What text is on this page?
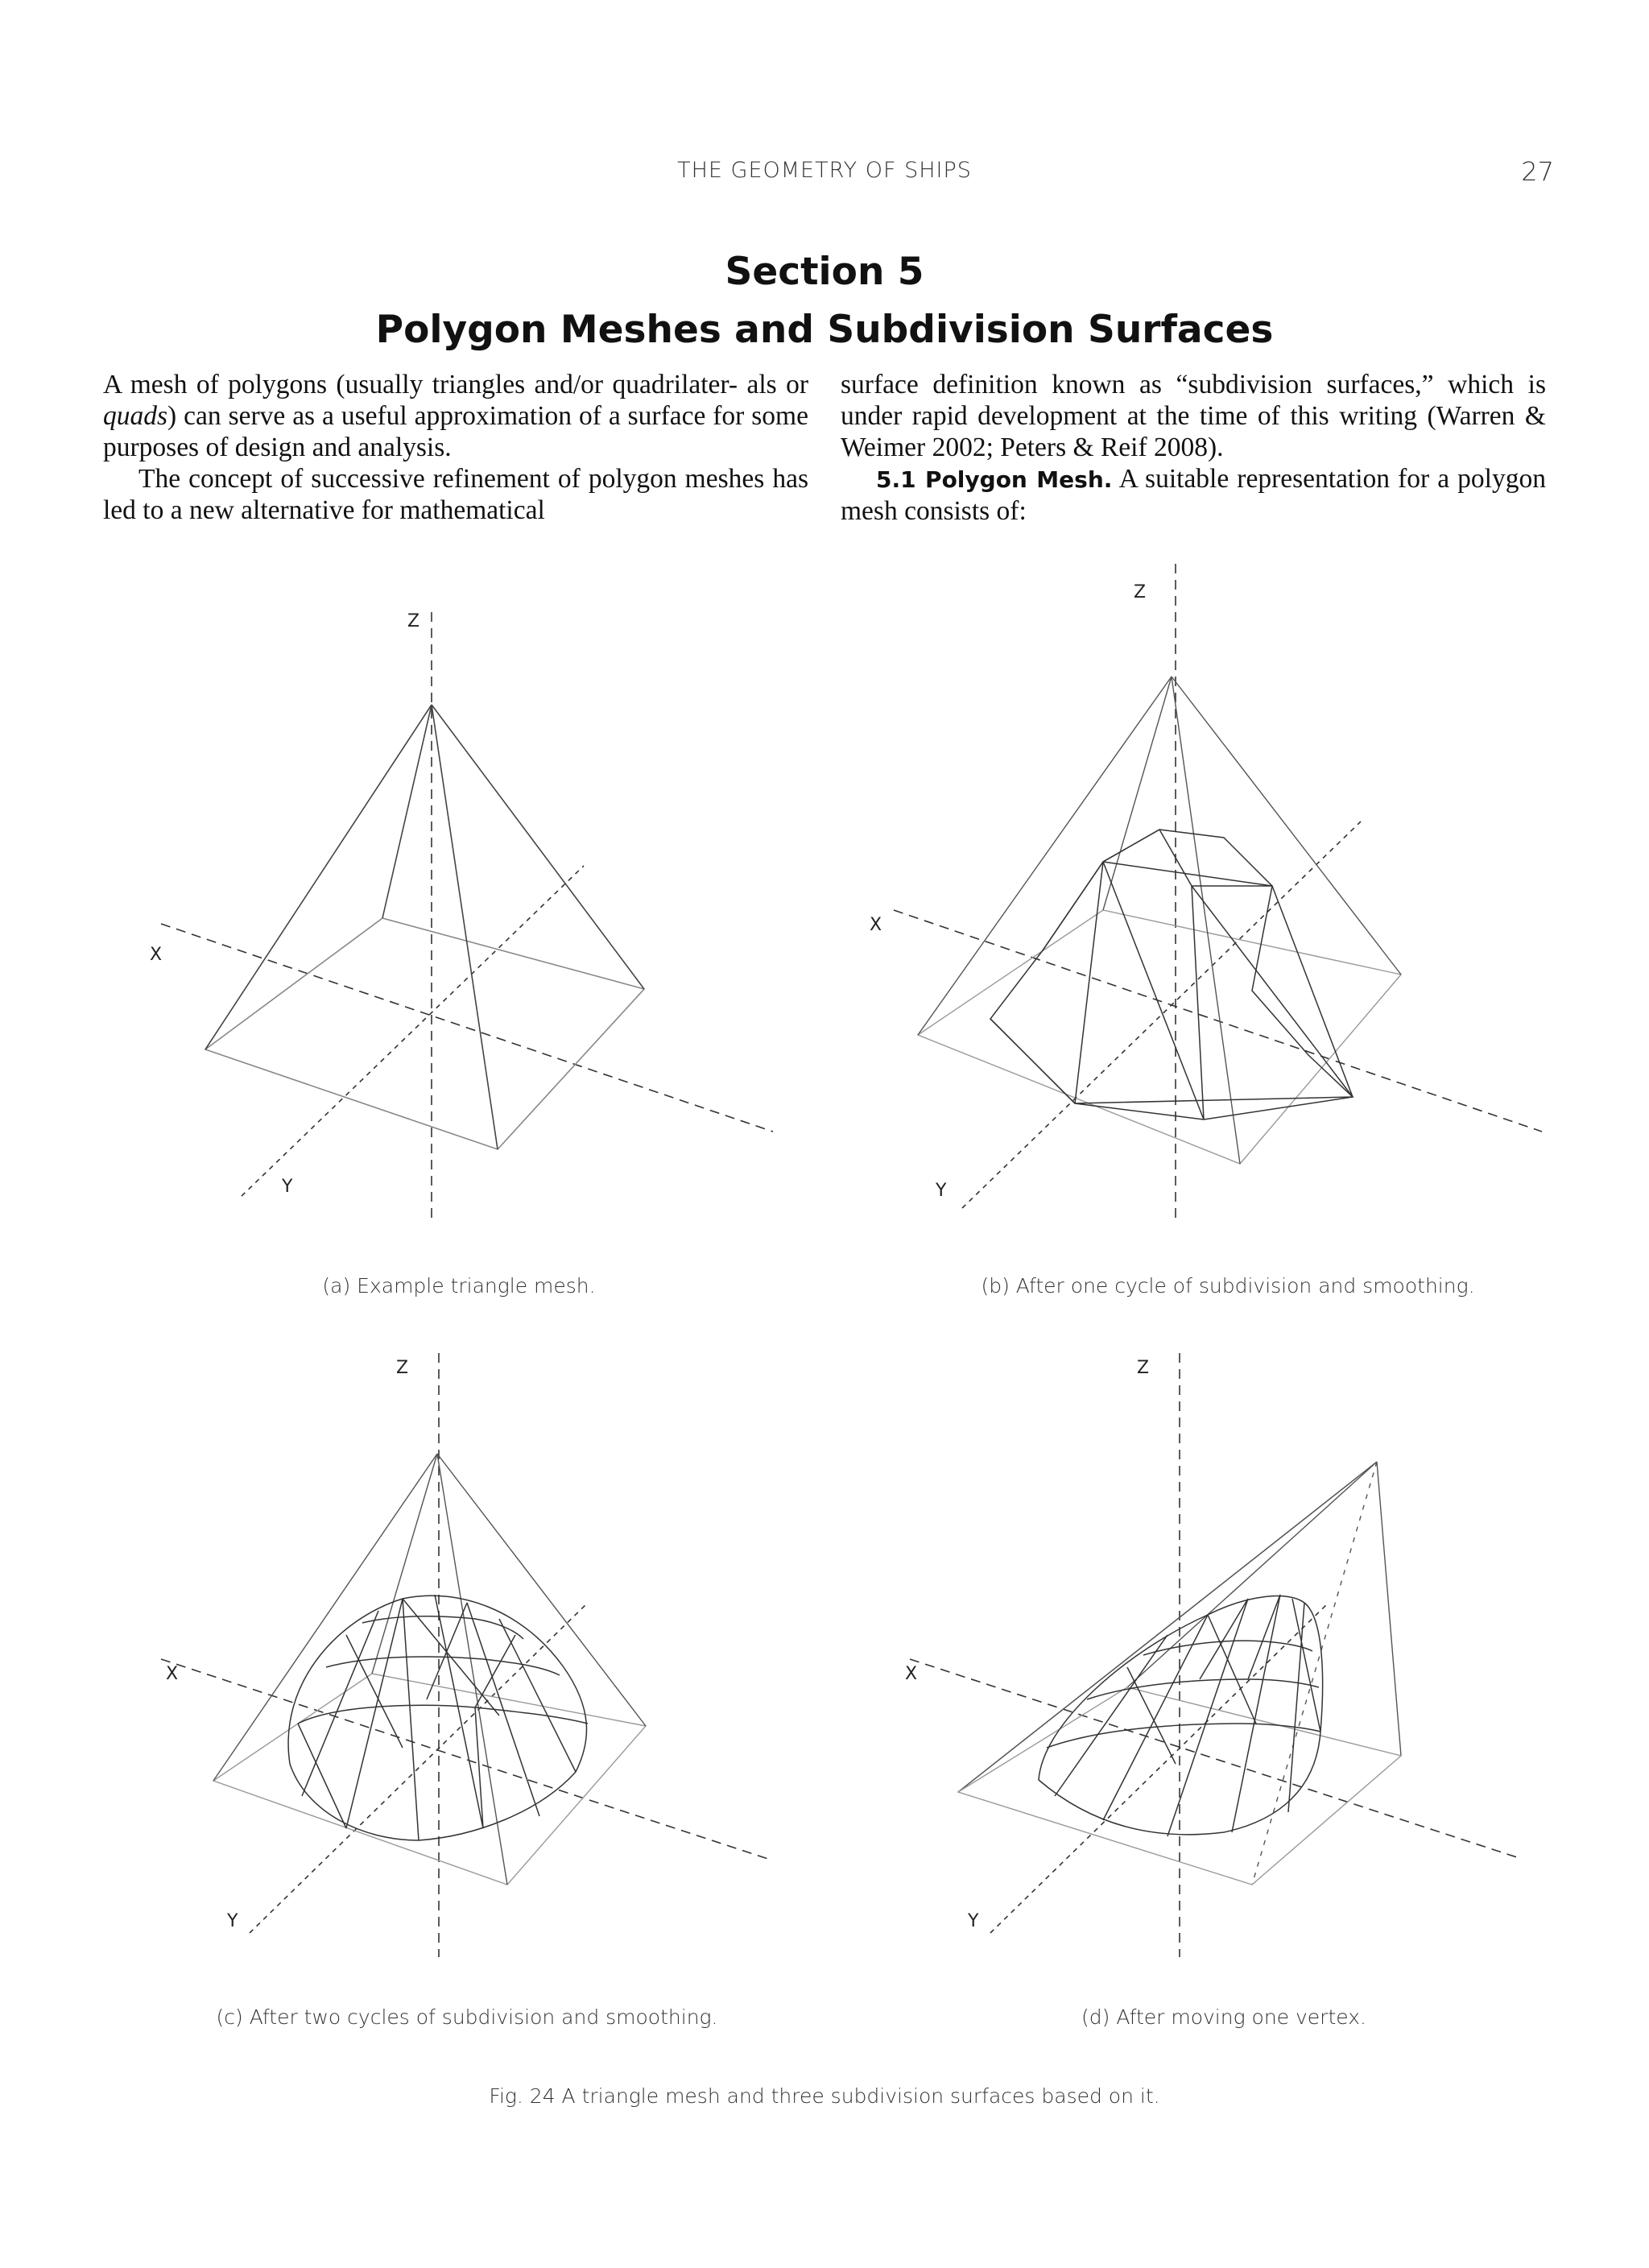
THE GEOMETRY OF SHIPS	27
Section 5
Polygon Meshes and Subdivision Surfaces

A mesh of polygons (usually triangles and/or quadrilater- als or quads) can serve as a useful approximation of a surface for some purposes of design and analysis.

The concept of successive refinement of polygon meshes has led to a new alternative for mathematical

surface definition known as “subdivision surfaces,” which is under rapid development at the time of this writing (Warren & Weimer 2002; Peters & Reif 2008).

5.1 Polygon Mesh. A suitable representation for a polygon mesh consists of:

Z
X
Y
(a) Example triangle mesh.
Z
X
Y
(b) After one cycle of subdivision and smoothing.
Z
X
Y
(c) After two cycles of subdivision and smoothing.
Z
X
Y
(d) After moving one vertex.
Fig. 24 A triangle mesh and three subdivision surfaces based on it.
